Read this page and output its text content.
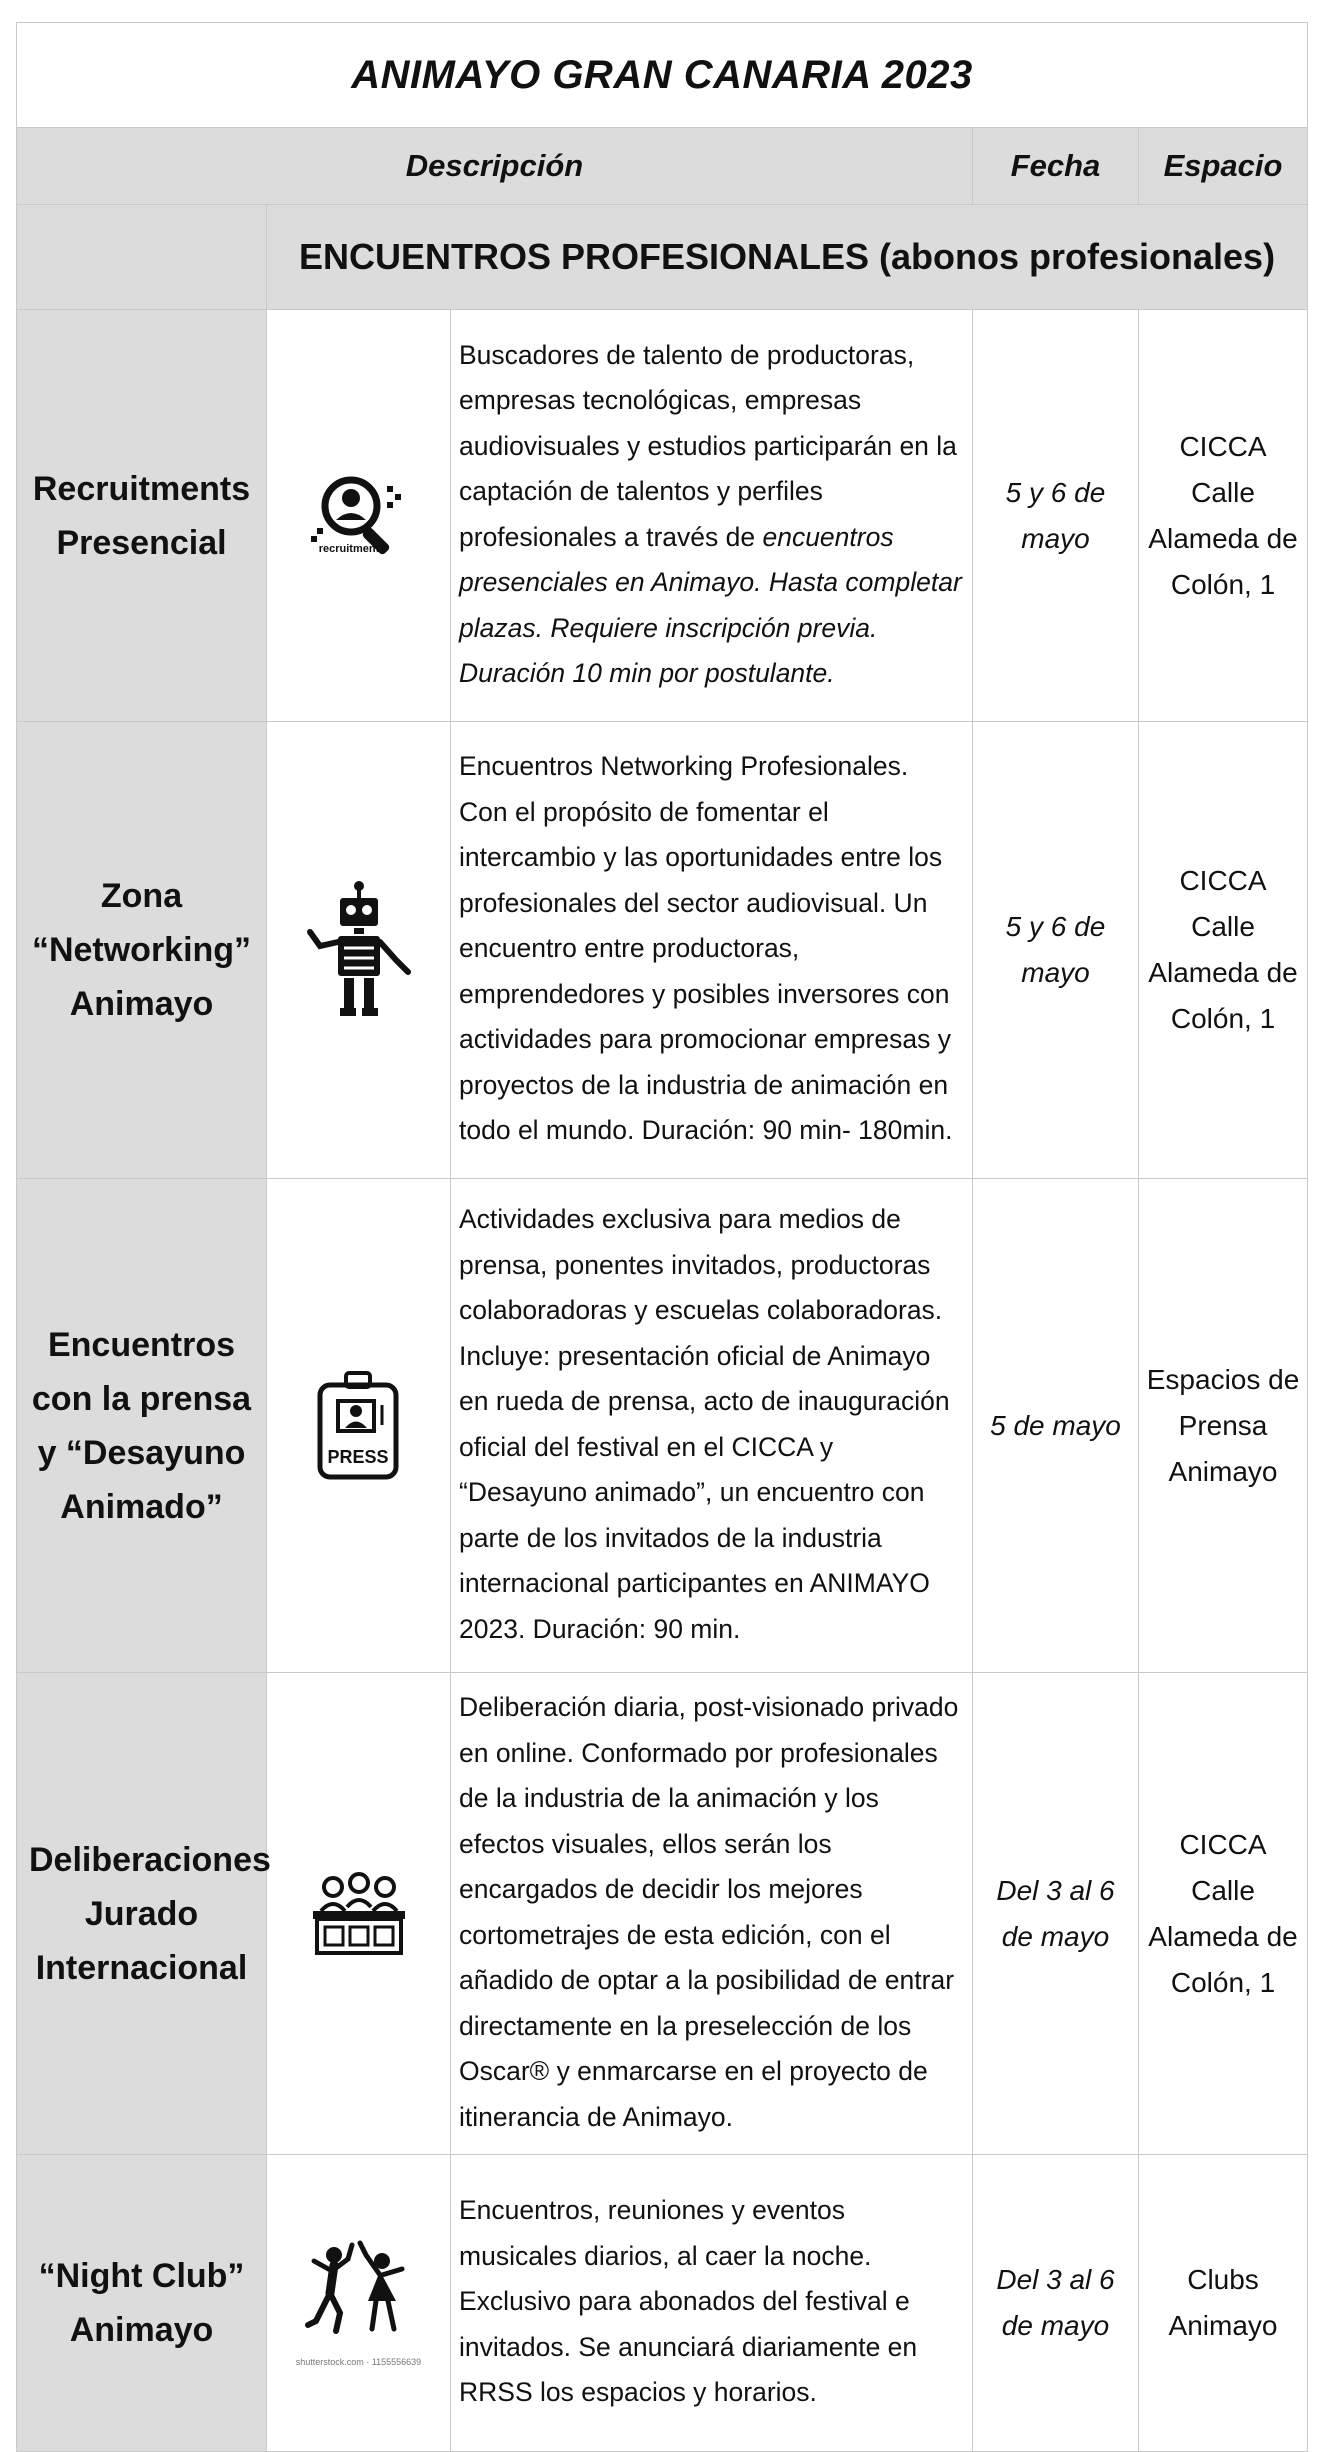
ANIMAYO GRAN CANARIA 2023				
Descripción			Fecha	Espacio
	ENCUENTROS PROFESIONALES (abonos profesionales)			
Recruitments Presencial	recruitment	Buscadores de talento de productoras, empresas tecnológicas, empresas audiovisuales y estudios participarán en la captación de talentos y perfiles profesionales a través de encuentros presenciales en Animayo. Hasta completar plazas. Requiere inscripción previa. Duración 10 min por postulante.	5 y 6 de mayo	CICCA Calle Alameda de Colón, 1
Zona “Networking” Animayo		Encuentros Networking Profesionales. Con el propósito de fomentar el intercambio y las oportunidades entre los profesionales del sector audiovisual. Un encuentro entre productoras, emprendedores y posibles inversores con actividades para promocionar empresas y proyectos de la industria de animación en todo el mundo. Duración: 90 min- 180min.	5 y 6 de mayo	CICCA Calle Alameda de Colón, 1
Encuentros con la prensa y “Desayuno Animado”	PRESS	Actividades exclusiva para medios de prensa, ponentes invitados, productoras colaboradoras y escuelas colaboradoras. Incluye: presentación oficial de Animayo en rueda de prensa, acto de inauguración oficial del festival en el CICCA y “Desayuno animado”, un encuentro con parte de los invitados de la industria internacional participantes en ANIMAYO 2023. Duración: 90 min.	5 de mayo	Espacios de Prensa Animayo
Deliberaciones Jurado Internacional		Deliberación diaria, post-visionado privado en online. Conformado por profesionales de la industria de la animación y los efectos visuales, ellos serán los encargados de decidir los mejores cortometrajes de esta edición, con el añadido de optar a la posibilidad de entrar directamente en la preselección de los Oscar® y enmarcarse en el proyecto de itinerancia de Animayo.	Del 3 al 6 de mayo	CICCA Calle Alameda de Colón, 1
“Night Club” Animayo	shutterstock.com · 1155556639	Encuentros, reuniones y eventos musicales diarios, al caer la noche. Exclusivo para abonados del festival e invitados. Se anunciará diariamente en RRSS los espacios y horarios.	Del 3 al 6 de mayo	Clubs Animayo
